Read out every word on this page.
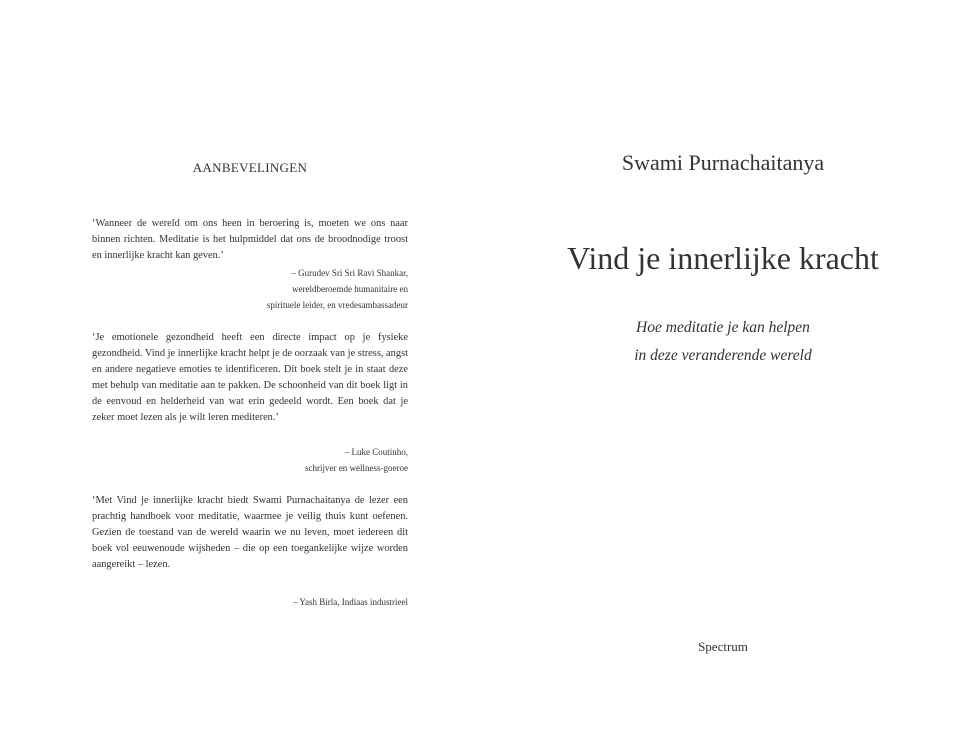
AANBEVELINGEN

‘Wanneer de wereld om ons heen in beroering is, moeten we ons naar binnen richten. Meditatie is het hulpmiddel dat ons de broodnodige troost en innerlijke kracht kan geven.’

– Gurudev Sri Sri Ravi Shankar,
wereldberoemde humanitaire en
spirituele leider, en vredesambassadeur

‘Je emotionele gezondheid heeft een directe impact op je fysieke gezondheid. Vind je innerlijke kracht helpt je de oorzaak van je stress, angst en andere negatieve emoties te identificeren. Dit boek stelt je in staat deze met behulp van meditatie aan te pakken. De schoonheid van dit boek ligt in de eenvoud en helderheid van wat erin gedeeld wordt. Een boek dat je zeker moet lezen als je wilt leren mediteren.’

– Luke Coutinho,
schrijver en wellness-goeroe

‘Met Vind je innerlijke kracht biedt Swami Purnachaitanya de lezer een prachtig handboek voor meditatie, waarmee je veilig thuis kunt oefenen. Gezien de toestand van de wereld waarin we nu leven, moet iedereen dit boek vol eeuwenoude wijsheden – die op een toegankelijke wijze worden aangereikt – lezen.

– Yash Birla, Indiaas industrieel
Swami Purnachaitanya
Vind je innerlijke kracht
Hoe meditatie je kan helpen
in deze veranderende wereld
Spectrum
